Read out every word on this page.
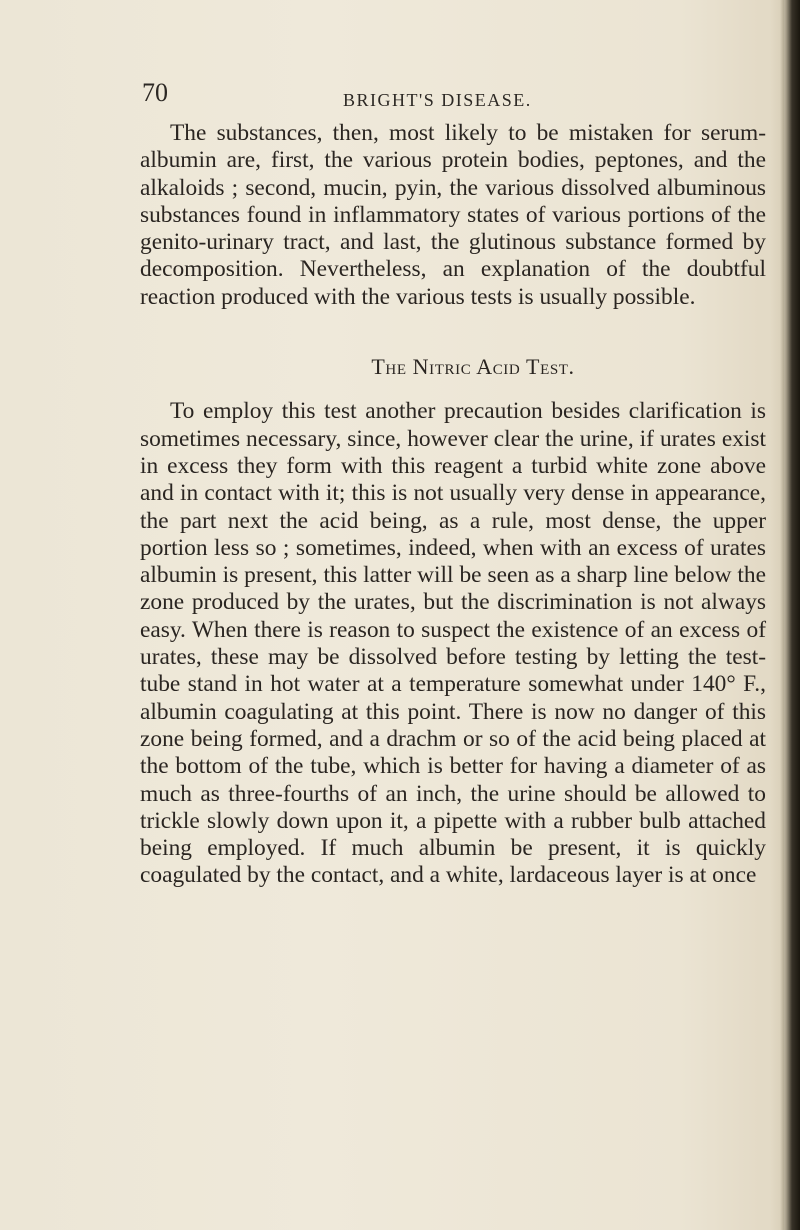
70	BRIGHT'S DISEASE.

The substances, then, most likely to be mistaken for serum-albumin are, first, the various protein bodies, peptones, and the alkaloids ; second, mucin, pyin, the various dissolved albuminous substances found in inflammatory states of various portions of the genito-urinary tract, and last, the glutinous substance formed by decomposition. Nevertheless, an explanation of the doubtful reaction produced with the various tests is usually possible.

The Nitric Acid Test.

To employ this test another precaution besides clarification is sometimes necessary, since, however clear the urine, if urates exist in excess they form with this reagent a turbid white zone above and in contact with it; this is not usually very dense in appearance, the part next the acid being, as a rule, most dense, the upper portion less so ; sometimes, indeed, when with an excess of urates albumin is present, this latter will be seen as a sharp line below the zone produced by the urates, but the discrimination is not always easy. When there is reason to suspect the existence of an excess of urates, these may be dissolved before testing by letting the test-tube stand in hot water at a temperature somewhat under 140° F., albumin coagulating at this point. There is now no danger of this zone being formed, and a drachm or so of the acid being placed at the bottom of the tube, which is better for having a diameter of as much as three-fourths of an inch, the urine should be allowed to trickle slowly down upon it, a pipette with a rubber bulb attached being employed. If much albumin be present, it is quickly coagulated by the contact, and a white, lardaceous layer is at once
